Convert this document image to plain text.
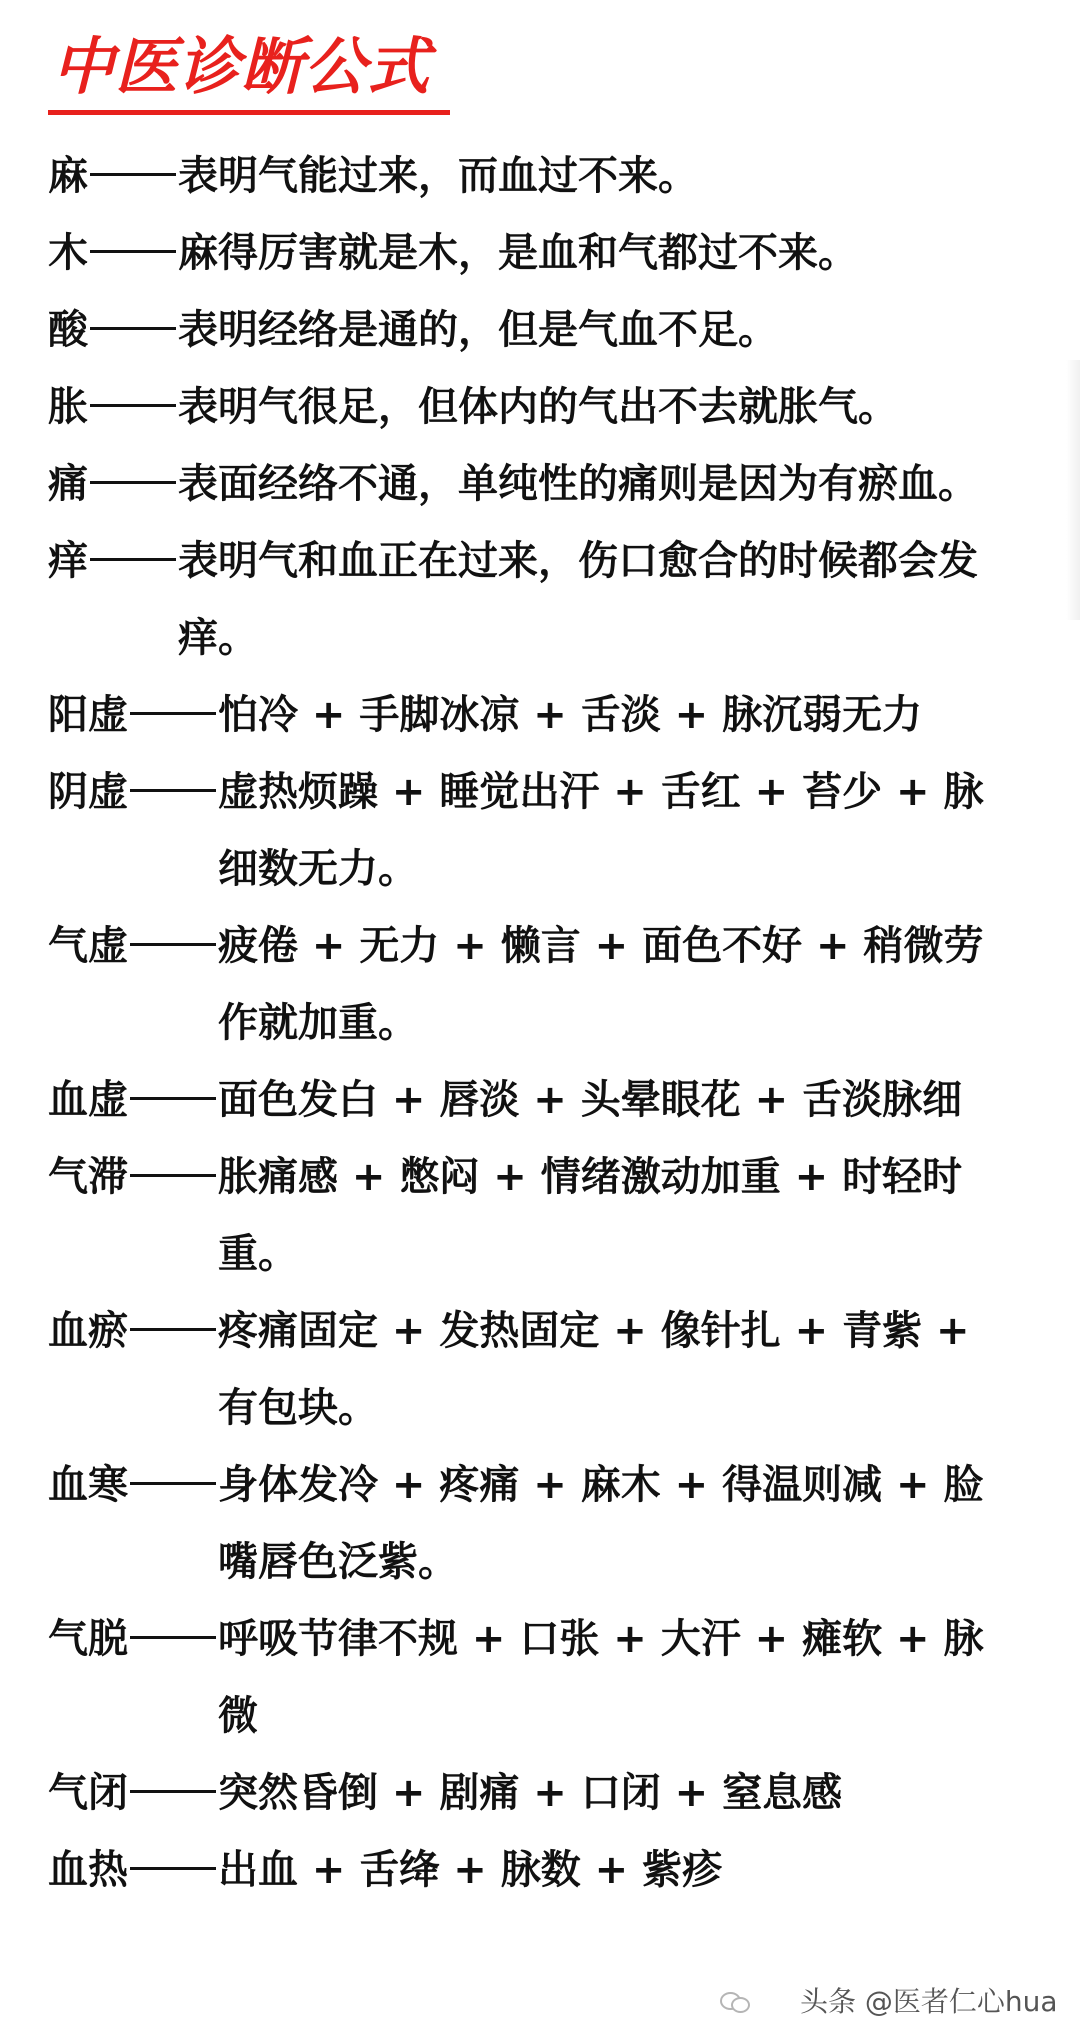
中医诊断公式
麻	表明气能过来，而血过不来。
木	麻得厉害就是木，是血和气都过不来。
酸	表明经络是通的，但是气血不足。
胀	表明气很足，但体内的气出不去就胀气。
痛	表面经络不通，单纯性的痛则是因为有瘀血。
痒	表明气和血正在过来，伤口愈合的时候都会发痒。
阳虚	怕冷 + 手脚冰凉 + 舌淡 + 脉沉弱无力
阴虚	虚热烦躁 + 睡觉出汗 + 舌红 + 苔少 + 脉细数无力。
气虚	疲倦 + 无力 + 懒言 + 面色不好 + 稍微劳作就加重。
血虚	面色发白 + 唇淡 + 头晕眼花 + 舌淡脉细
气滞	胀痛感 + 憋闷 + 情绪激动加重 + 时轻时重。
血瘀	疼痛固定 + 发热固定 + 像针扎 + 青紫 + 有包块。
血寒	身体发冷 + 疼痛 + 麻木 + 得温则减 + 脸嘴唇色泛紫。
气脱	呼吸节律不规 + 口张 + 大汗 + 瘫软 + 脉微
气闭	突然昏倒 + 剧痛 + 口闭 + 窒息感
血热	出血 + 舌绛 + 脉数 + 紫疹
头条 @医者仁心hua
